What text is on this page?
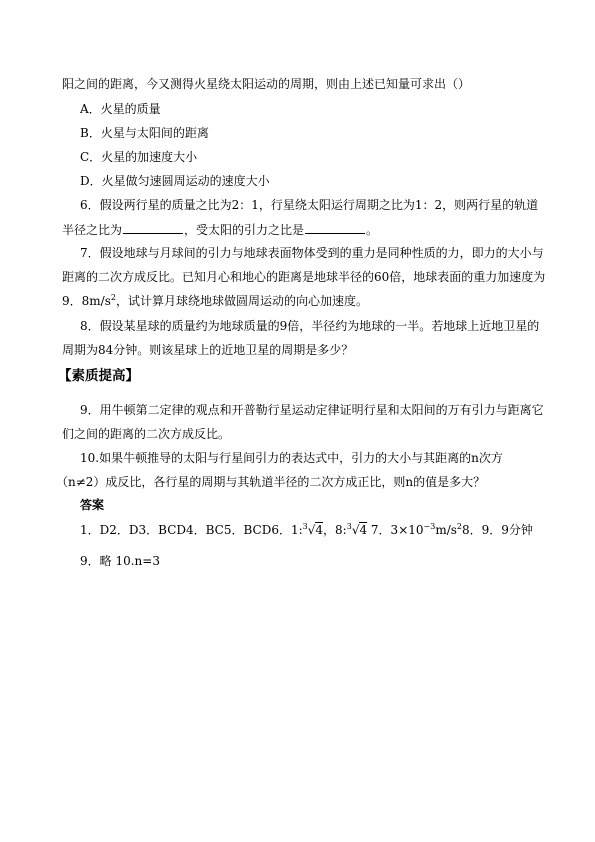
阳之间的距离，今又测得火星绕太阳运动的周期，则由上述已知量可求出（）
A．火星的质量
B．火星与太阳间的距离
C．火星的加速度大小
D．火星做匀速圆周运动的速度大小
6．假设两行星的质量之比为2：1，行星绕太阳运行周期之比为1：2，则两行星的轨道
半径之比为	，受太阳的引力之比是	。
7．假设地球与月球间的引力与地球表面物体受到的重力是同种性质的力，即力的大小与
距离的二次方成反比。已知月心和地心的距离是地球半径的60倍，地球表面的重力加速度为
9．$8m/s^2$，试计算月球绕地球做圆周运动的向心加速度。
8．假设某星球的质量约为地球质量的9倍，半径约为地球的一半。若地球上近地卫星的
周期为84分钟。则该星球上的近地卫星的周期是多少？
【素质提高】
9．用牛顿第二定律的观点和开普勒行星运动定律证明行星和太阳间的万有引力与距离它
们之间的距离的二次方成反比。
10.如果牛顿推导的太阳与行星间引力的表达式中，引力的大小与其距离的n次方
（n≠2）成反比，各行星的周期与其轨道半径的二次方成正比，则n的值是多大？
答案
1．D2．D3．BCD4．BC5．BCD6．1:$^3$√4，8:$^3$√4 7．$3\times 10^{-3}m/s^28$．9．9分钟
9．略 10.n=3
